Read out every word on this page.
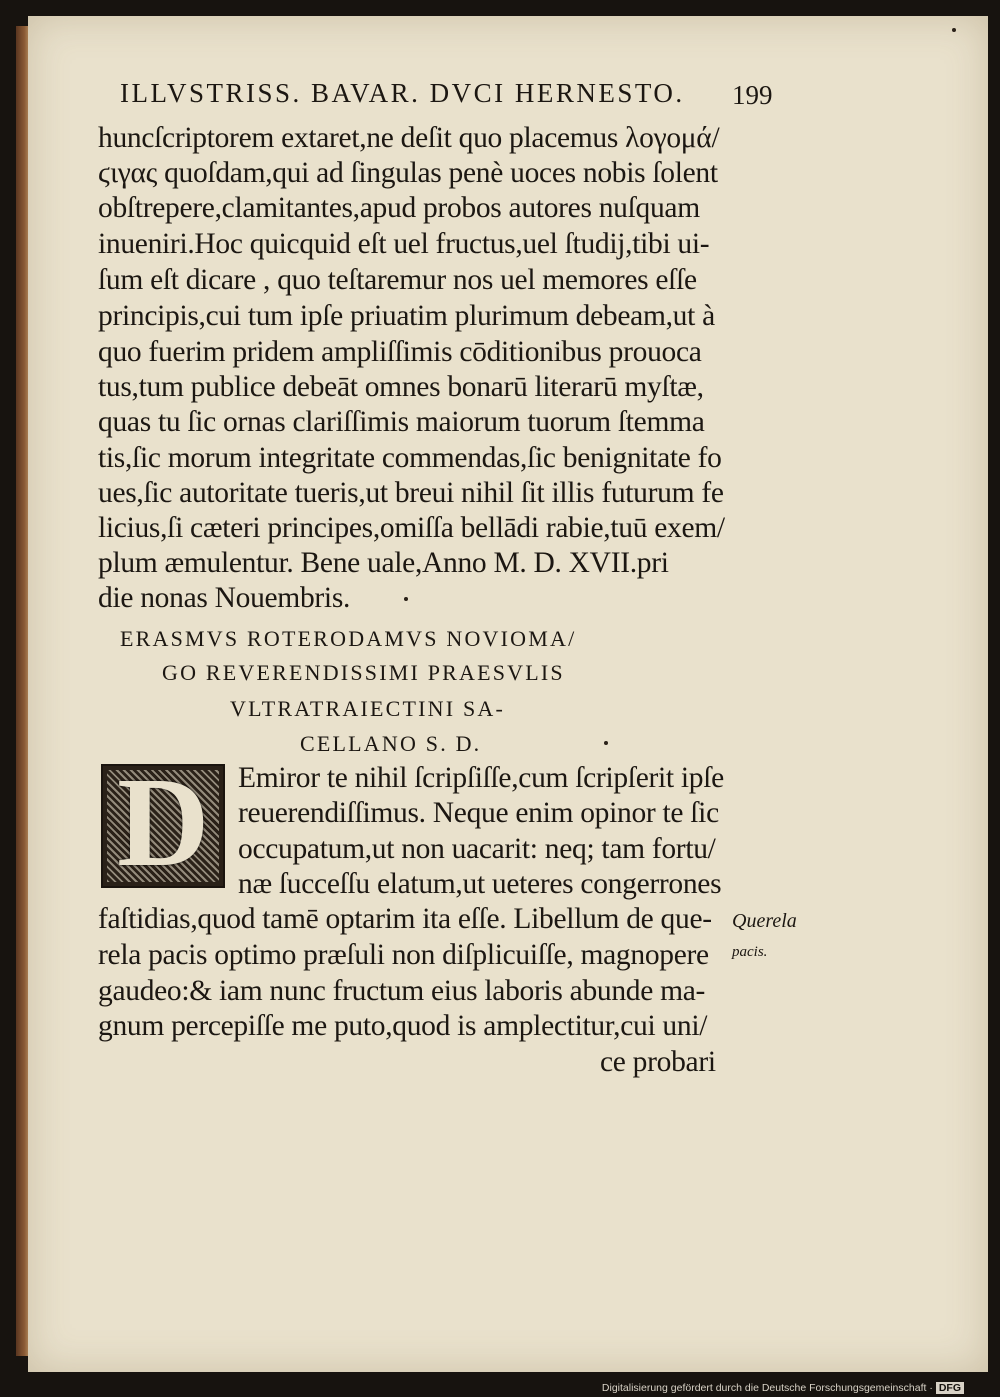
ILLVSTRISS. BAVAR. DVCI HERNESTO. 199
huncſcriptorem extaret,ne deſit quo placemus λογομά/
ϛιγας quoſdam,qui ad ſingulas penè uoces nobis ſolent
obſtrepere,clamitantes,apud probos autores nuſquam
inueniri.Hoc quicquid eſt uel fructus,uel ſtudij,tibi ui-
ſum eſt dicare , quo teſtaremur nos uel memores eſſe
principis,cui tum ipſe priuatim plurimum debeam,ut à
quo fuerim pridem ampliſſimis cōditionibus prouoca
tus,tum publice debeāt omnes bonarū literarū myſtæ,
quas tu ſic ornas clariſſimis maiorum tuorum ſtemma
tis,ſic morum integritate commendas,ſic benignitate fo
ues,ſic autoritate tueris,ut breui nihil ſit illis futurum fe
licius,ſi cæteri principes,omiſſa bellādi rabie,tuū exem/
plum æmulentur. Bene uale,Anno M. D. XVII.pri
die nonas Nouembris.
ERASMVS ROTERODAMVS NOVIOMA/
GO REVERENDISSIMI PRAESVLIS
VLTRATRAIECTINI SA-
CELLANO S. D.
D Emiror te nihil ſcripſiſſe,cum ſcripſerit ipſe
reuerendiſſimus. Neque enim opinor te ſic
occupatum,ut non uacarit: neq; tam fortu/
næ ſucceſſu elatum,ut ueteres congerrones
faſtidias,quod tamē optarim ita eſſe. Libellum de que-
rela pacis optimo præſuli non diſplicuiſſe, magnopere
gaudeo:& iam nunc fructum eius laboris abunde ma-
gnum percepiſſe me puto,quod is amplectitur,cui uni/
ce probari
Querela
pacis.
Digitalisierung gefördert durch die Deutsche Forschungsgemeinschaft · DFG
